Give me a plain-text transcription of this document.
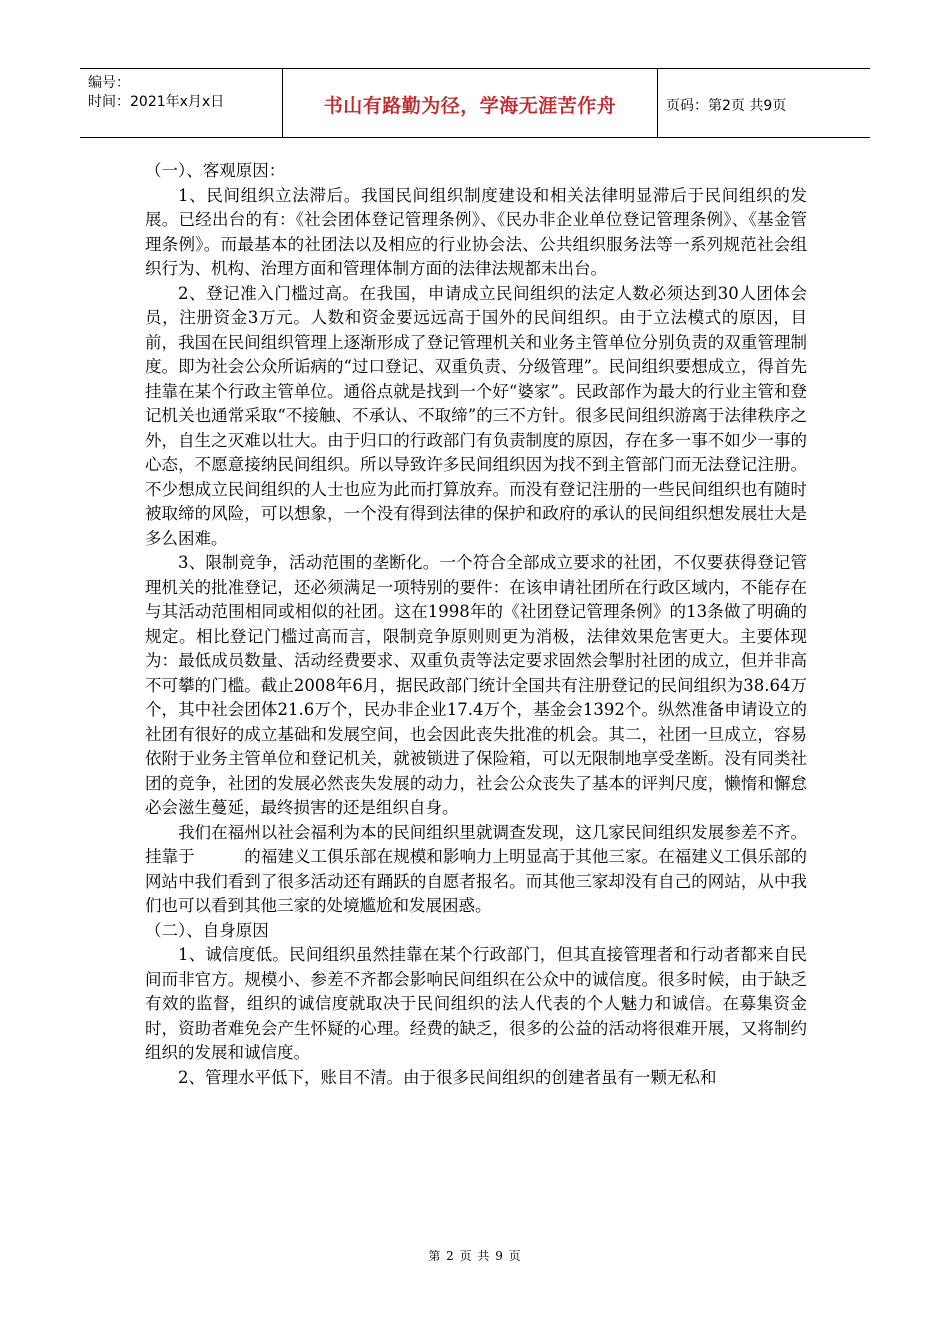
编号：
时间：2021年x月x日	书山有路勤为径，学海无涯苦作舟	页码：第2页 共9页

（一）、客观原因：

1、民间组织立法滞后。我国民间组织制度建设和相关法律明显滞后于民间组织的发展。已经出台的有：《社会团体登记管理条例》、《民办非企业单位登记管理条例》、《基金管理条例》。而最基本的社团法以及相应的行业协会法、公共组织服务法等一系列规范社会组织行为、机构、治理方面和管理体制方面的法律法规都未出台。

2、登记准入门槛过高。在我国，申请成立民间组织的法定人数必须达到30人团体会员，注册资金3万元。人数和资金要远远高于国外的民间组织。由于立法模式的原因，目前，我国在民间组织管理上逐渐形成了登记管理机关和业务主管单位分别负责的双重管理制度。即为社会公众所诟病的“过口登记、双重负责、分级管理”。民间组织要想成立，得首先挂靠在某个行政主管单位。通俗点就是找到一个好“婆家”。民政部作为最大的行业主管和登记机关也通常采取“不接触、不承认、不取缔”的三不方针。很多民间组织游离于法律秩序之外，自生之灭难以壮大。由于归口的行政部门有负责制度的原因，存在多一事不如少一事的心态，不愿意接纳民间组织。所以导致许多民间组织因为找不到主管部门而无法登记注册。不少想成立民间组织的人士也应为此而打算放弃。而没有登记注册的一些民间组织也有随时被取缔的风险，可以想象，一个没有得到法律的保护和政府的承认的民间组织想发展壮大是多么困难。

3、限制竞争，活动范围的垄断化。一个符合全部成立要求的社团，不仅要获得登记管理机关的批准登记，还必须满足一项特别的要件：在该申请社团所在行政区域内，不能存在与其活动范围相同或相似的社团。这在1998年的《社团登记管理条例》的13条做了明确的规定。相比登记门槛过高而言，限制竞争原则则更为消极，法律效果危害更大。主要体现为：最低成员数量、活动经费要求、双重负责等法定要求固然会掣肘社团的成立，但并非高不可攀的门槛。截止2008年6月，据民政部门统计全国共有注册登记的民间组织为38.64万个，其中社会团体21.6万个，民办非企业17.4万个，基金会1392个。纵然准备申请设立的社团有很好的成立基础和发展空间，也会因此丧失批准的机会。其二，社团一旦成立，容易依附于业务主管单位和登记机关，就被锁进了保险箱，可以无限制地享受垄断。没有同类社团的竞争，社团的发展必然丧失发展的动力，社会公众丧失了基本的评判尺度，懒惰和懈怠必会滋生蔓延，最终损害的还是组织自身。

我们在福州以社会福利为本的民间组织里就调查发现，这几家民间组织发展参差不齐。挂靠于　　　的福建义工俱乐部在规模和影响力上明显高于其他三家。在福建义工俱乐部的网站中我们看到了很多活动还有踊跃的自愿者报名。而其他三家却没有自己的网站，从中我们也可以看到其他三家的处境尴尬和发展困惑。

（二）、自身原因

1、诚信度低。民间组织虽然挂靠在某个行政部门，但其直接管理者和行动者都来自民间而非官方。规模小、参差不齐都会影响民间组织在公众中的诚信度。很多时候，由于缺乏有效的监督，组织的诚信度就取决于民间组织的法人代表的个人魅力和诚信。在募集资金时，资助者难免会产生怀疑的心理。经费的缺乏，很多的公益的活动将很难开展，又将制约组织的发展和诚信度。

2、管理水平低下，账目不清。由于很多民间组织的创建者虽有一颗无私和

第 2 页 共 9 页
